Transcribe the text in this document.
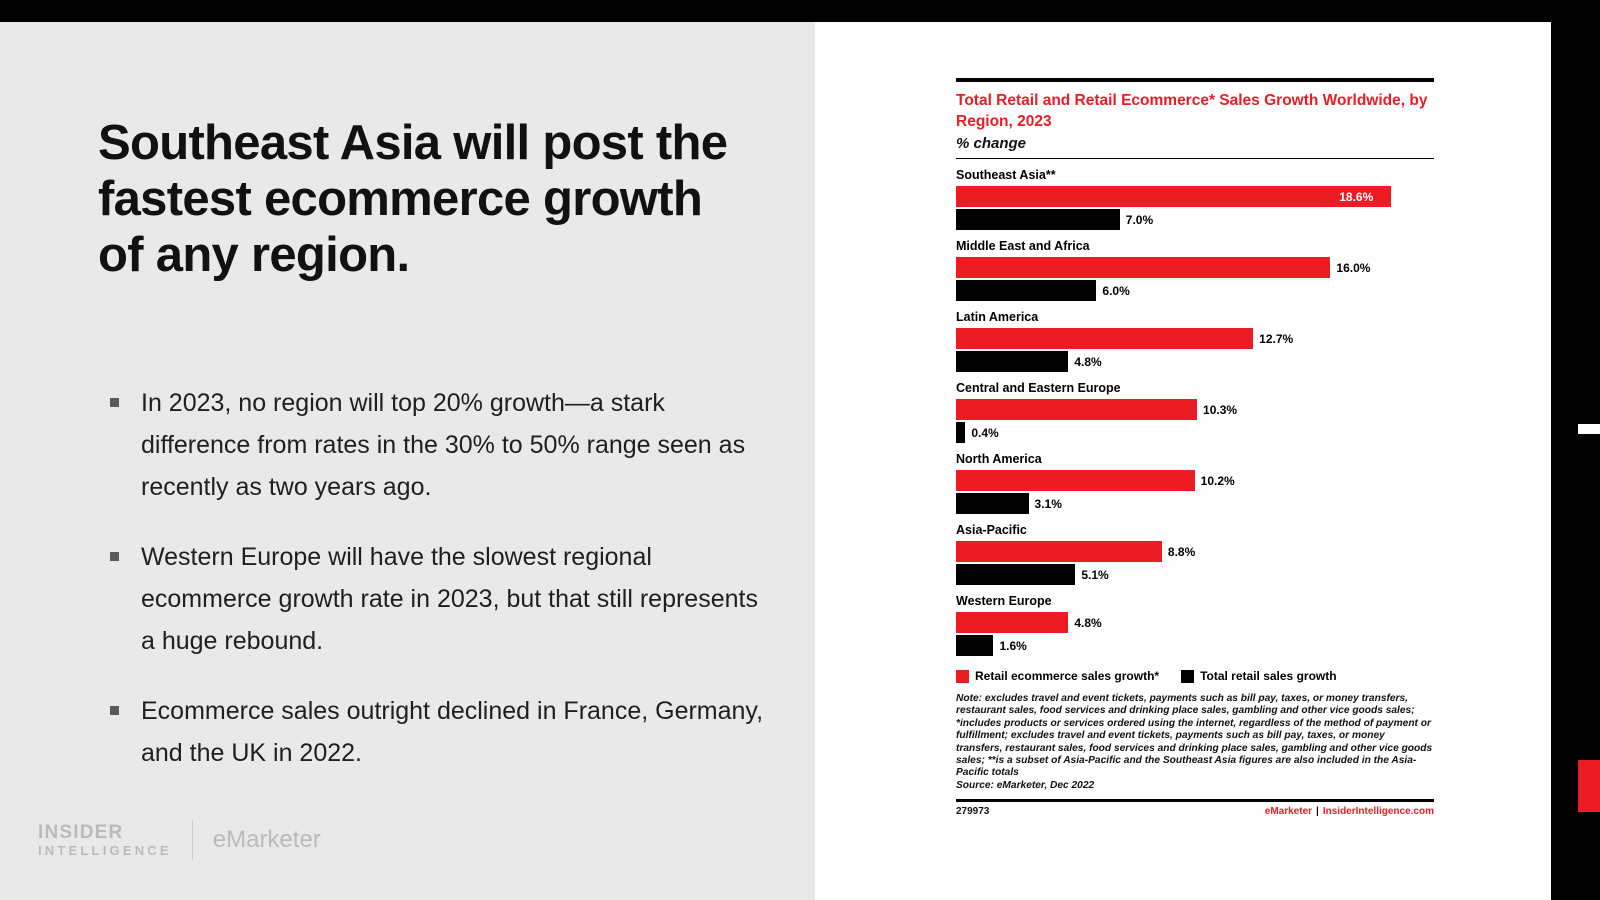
Southeast Asia will post the fastest ecommerce growth of any region.
In 2023, no region will top 20% growth—a stark difference from rates in the 30% to 50% range seen as recently as two years ago.
Western Europe will have the slowest regional ecommerce growth rate in 2023, but that still represents a huge rebound.
Ecommerce sales outright declined in France, Germany, and the UK in 2022.
INSIDER
INTELLIGENCE eMarketer
Total Retail and Retail Ecommerce* Sales Growth Worldwide, by Region, 2023
% change
Southeast Asia**
18.6%
7.0%
Middle East and Africa
16.0%
6.0%
Latin America
12.7%
4.8%
Central and Eastern Europe
10.3%
0.4%
North America
10.2%
3.1%
Asia-Pacific
8.8%
5.1%
Western Europe
4.8%
1.6%
Retail ecommerce sales growth*	Total retail sales growth
Note: excludes travel and event tickets, payments such as bill pay, taxes, or money transfers, restaurant sales, food services and drinking place sales, gambling and other vice goods sales; *includes products or services ordered using the internet, regardless of the method of payment or fulfillment; excludes travel and event tickets, payments such as bill pay, taxes, or money transfers, restaurant sales, food services and drinking place sales, gambling and other vice goods sales; **is a subset of Asia-Pacific and the Southeast Asia figures are also included in the Asia-Pacific totals
Source: eMarketer, Dec 2022
279973	eMarketer | InsiderIntelligence.com
